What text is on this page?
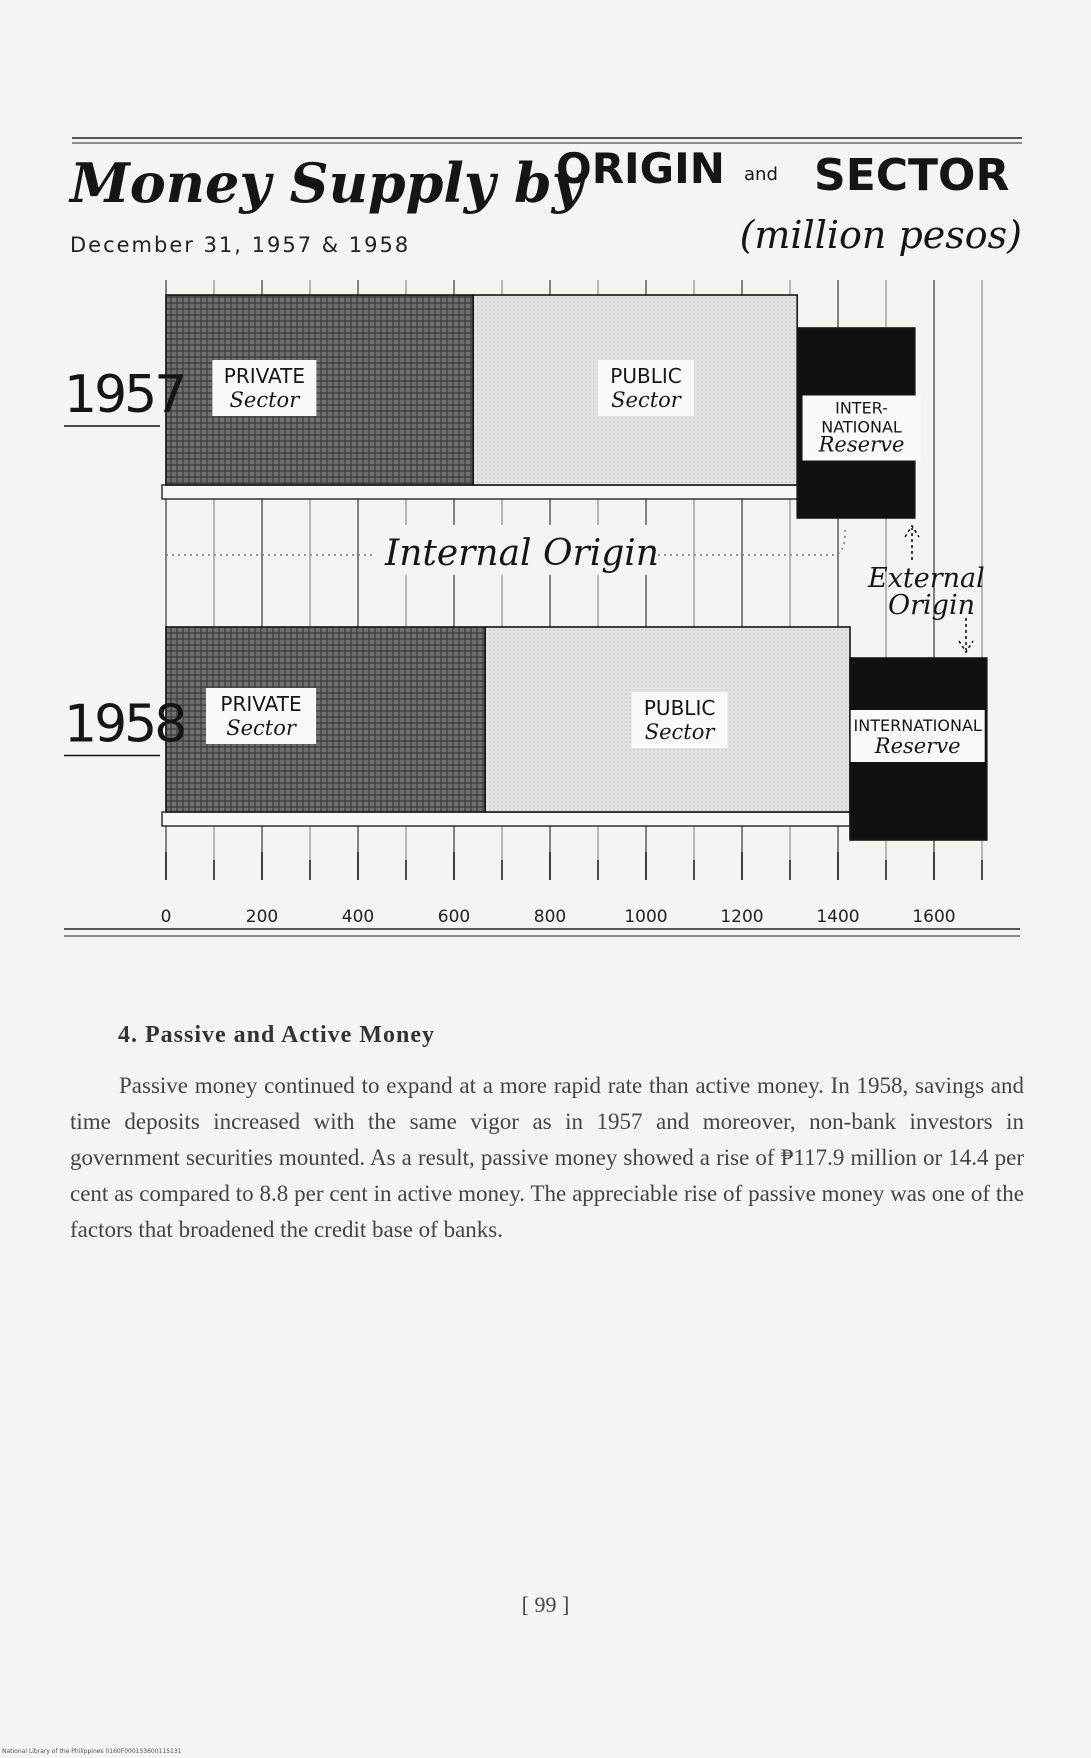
Money Supply by
ORIGIN and SECTOR
December 31, 1957 & 1958	(million pesos)
1957
1958
PRIVATE
Sector
PUBLIC
Sector	INTER-
NATIONAL
Reserve
PRIVATE
Sector
PUBLIC
Sector	INTERNATIONAL
Reserve
Internal Origin
External
Origin
0	200	400	600	800	1000	1200	1400	1600
4. Passive and Active Money

Passive money continued to expand at a more rapid rate than active money. In 1958, savings and time deposits increased with the same vigor as in 1957 and moreover, non-bank investors in government securities mounted. As a result, passive money showed a rise of ₱117.9 million or 14.4 per cent as compared to 8.8 per cent in active money. The appreciable rise of passive money was one of the factors that broadened the credit base of banks.

[ 99 ]
National Library of the Philippines 0160F000153600115131
